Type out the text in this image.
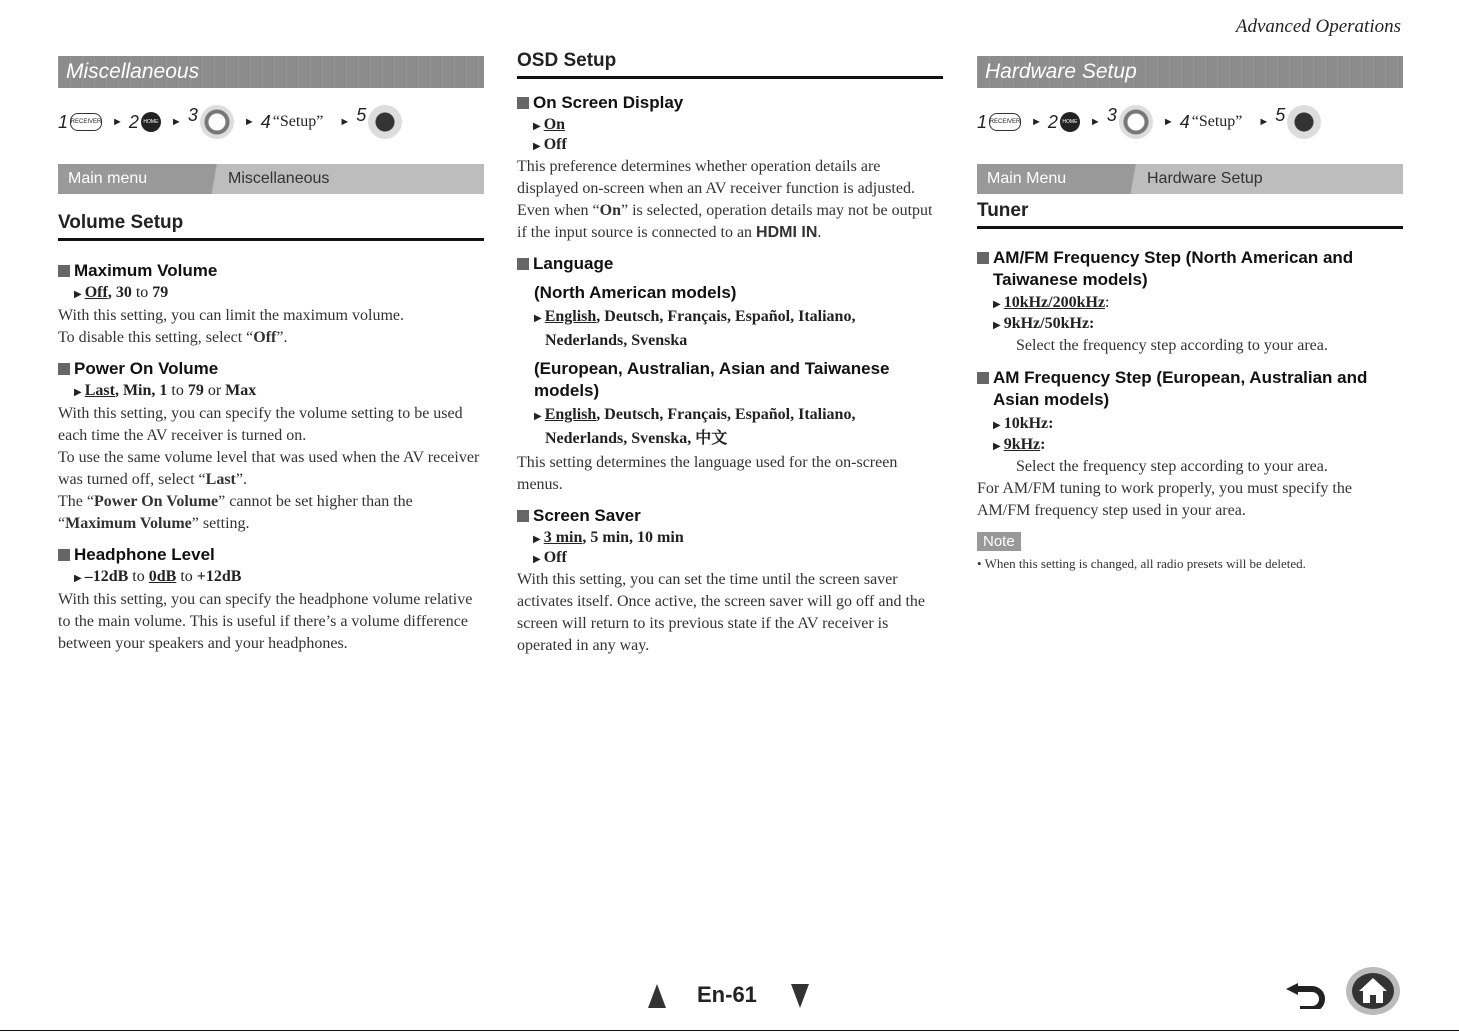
Advanced Operations
Miscellaneous
1 RECEIVER ► 2 HOME ► 3	► 4 “Setup” ► 5
Main menu	Miscellaneous
Volume Setup
Maximum Volume
▶ Off, 30 to 79
With this setting, you can limit the maximum volume.
To disable this setting, select “Off”.
Power On Volume
▶ Last, Min, 1 to 79 or Max
With this setting, you can specify the volume setting to be used each time the AV receiver is turned on.
To use the same volume level that was used when the AV receiver was turned off, select “Last”.
The “Power On Volume” cannot be set higher than the “Maximum Volume” setting.
Headphone Level
▶ –12dB to 0dB to +12dB
With this setting, you can specify the headphone volume relative to the main volume. This is useful if there’s a volume difference between your speakers and your headphones.
OSD Setup
On Screen Display
▶ On
▶ Off
This preference determines whether operation details are displayed on-screen when an AV receiver function is adjusted.
Even when “On” is selected, operation details may not be output if the input source is connected to an HDMI IN.
Language
(North American models)
▶ English, Deutsch, Français, Español, Italiano,
Nederlands, Svenska
(European, Australian, Asian and Taiwanese models)
▶ English, Deutsch, Français, Español, Italiano,
Nederlands, Svenska, 中文
This setting determines the language used for the on-screen menus.
Screen Saver
▶ 3 min, 5 min, 10 min
▶ Off
With this setting, you can set the time until the screen saver activates itself. Once active, the screen saver will go off and the screen will return to its previous state if the AV receiver is operated in any way.
Hardware Setup
1 RECEIVER ► 2 HOME ► 3	► 4 “Setup” ► 5
Main Menu	Hardware Setup
Tuner
AM/FM Frequency Step (North American and
Taiwanese models)
▶ 10kHz/200kHz:
▶ 9kHz/50kHz:
Select the frequency step according to your area.
AM Frequency Step (European, Australian and
Asian models)
▶ 10kHz:
▶ 9kHz:
Select the frequency step according to your area.
For AM/FM tuning to work properly, you must specify the AM/FM frequency step used in your area.
Note
• When this setting is changed, all radio presets will be deleted.
En-61
